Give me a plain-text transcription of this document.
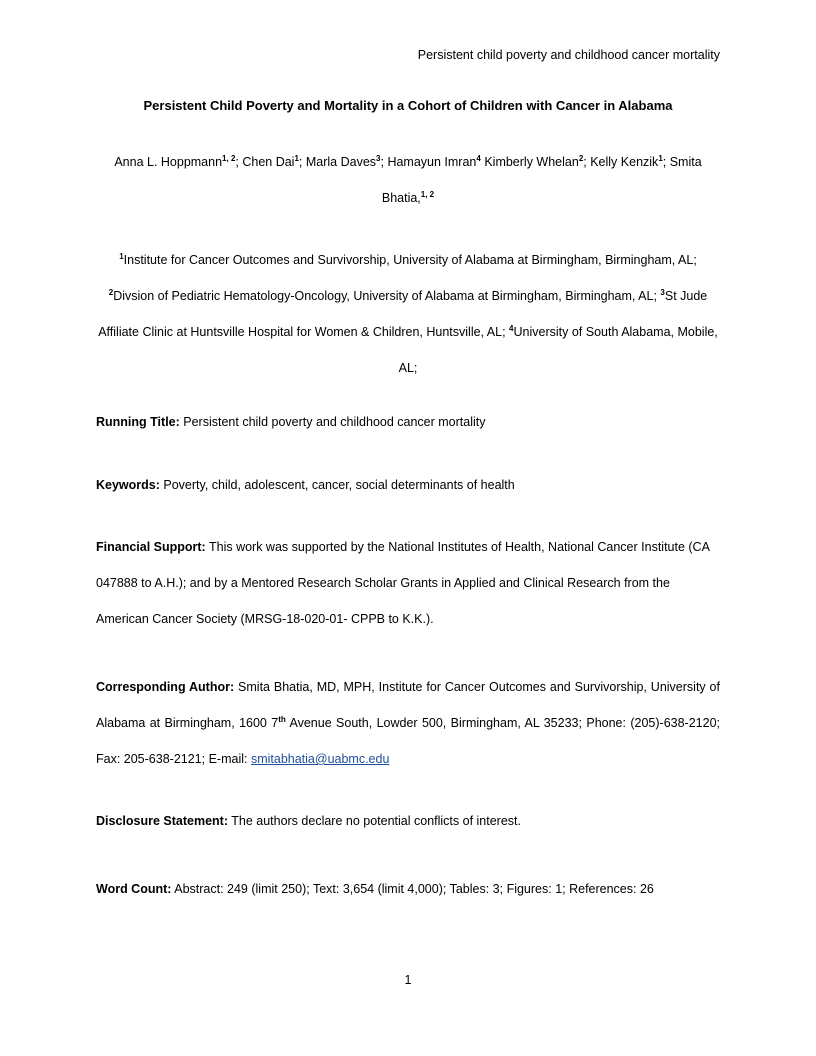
Persistent child poverty and childhood cancer mortality
Persistent Child Poverty and Mortality in a Cohort of Children with Cancer in Alabama
Anna L. Hoppmann$^{1, 2}$; Chen Dai$^1$; Marla Daves$^3$; Hamayun Imran$^4$ Kimberly Whelan$^2$; Kelly Kenzik$^1$; Smita Bhatia,$^{1, 2}$
$^1$Institute for Cancer Outcomes and Survivorship, University of Alabama at Birmingham, Birmingham, AL; $^2$Divsion of Pediatric Hematology-Oncology, University of Alabama at Birmingham, Birmingham, AL; $^3$St Jude Affiliate Clinic at Huntsville Hospital for Women & Children, Huntsville, AL; $^4$University of South Alabama, Mobile, AL;
Running Title: Persistent child poverty and childhood cancer mortality
Keywords: Poverty, child, adolescent, cancer, social determinants of health
Financial Support: This work was supported by the National Institutes of Health, National Cancer Institute (CA 047888 to A.H.); and by a Mentored Research Scholar Grants in Applied and Clinical Research from the American Cancer Society (MRSG-18-020-01- CPPB to K.K.).
Corresponding Author: Smita Bhatia, MD, MPH, Institute for Cancer Outcomes and Survivorship, University of Alabama at Birmingham, 1600 7th Avenue South, Lowder 500, Birmingham, AL 35233; Phone: (205)-638-2120; Fax: 205-638-2121; E-mail: smitabhatia@uabmc.edu
Disclosure Statement: The authors declare no potential conflicts of interest.
Word Count: Abstract: 249 (limit 250); Text: 3,654 (limit 4,000); Tables: 3; Figures: 1; References: 26
1
